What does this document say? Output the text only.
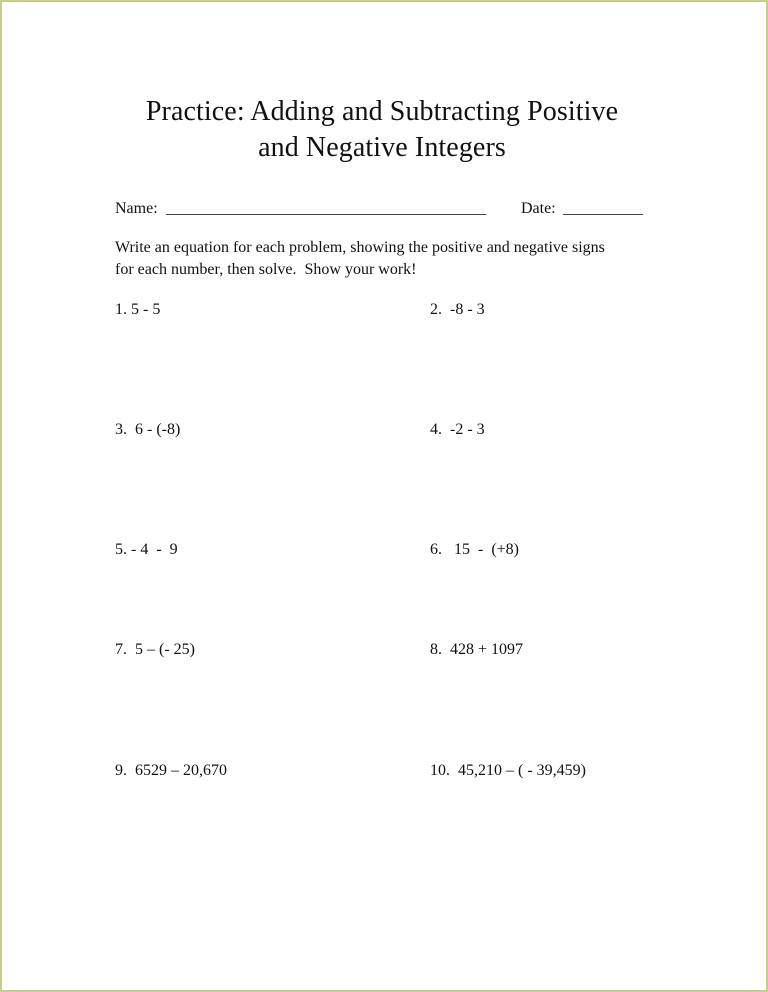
Practice: Adding and Subtracting Positive
and Negative Integers
Name: ________________________________________ Date: __________
Write an equation for each problem, showing the positive and negative signs
for each number, then solve.  Show your work!
1. 5 - 5	2.  -8 - 3
3.  6 - (-8)	4.  -2 - 3
5. - 4  -  9	6.   15  -  (+8)
7.  5 – (- 25)	8.  428 + 1097
9.  6529 – 20,670	10.  45,210 – ( - 39,459)
